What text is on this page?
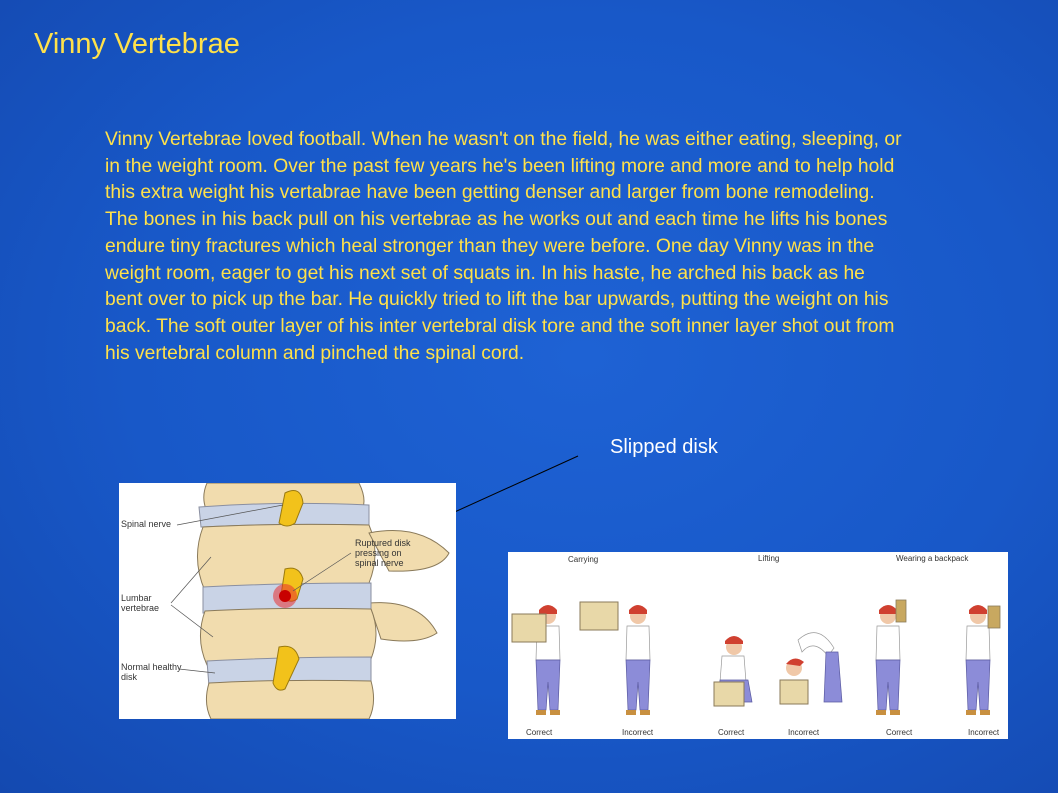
Vinny Vertebrae
Vinny Vertebrae loved football. When he wasn't on the field, he was either eating, sleeping, or in the weight room. Over the past few years he's been lifting more and more and to help hold this extra weight his vertabrae have been getting denser and larger from bone remodeling. The bones in his back pull on his vertebrae as he works out and each time he lifts his bones endure tiny fractures which heal stronger than they were before. One day Vinny was in the weight room, eager to get his next set of squats in. In his haste, he arched his back as he bent over to pick up the bar. He quickly tried to lift the bar upwards, putting the weight on his back. The soft outer layer of his inter vertebral disk tore and the soft inner layer shot out from his vertebral column and pinched the spinal cord.
Slipped disk
Spinal nerve
Ruptured disk
pressing on
spinal nerve
Lumbar
vertebrae
Normal healthy
disk
Carrying	Lifting	Wearing a backpack
Correct	Incorrect	Correct	Incorrect	Correct	Incorrect
